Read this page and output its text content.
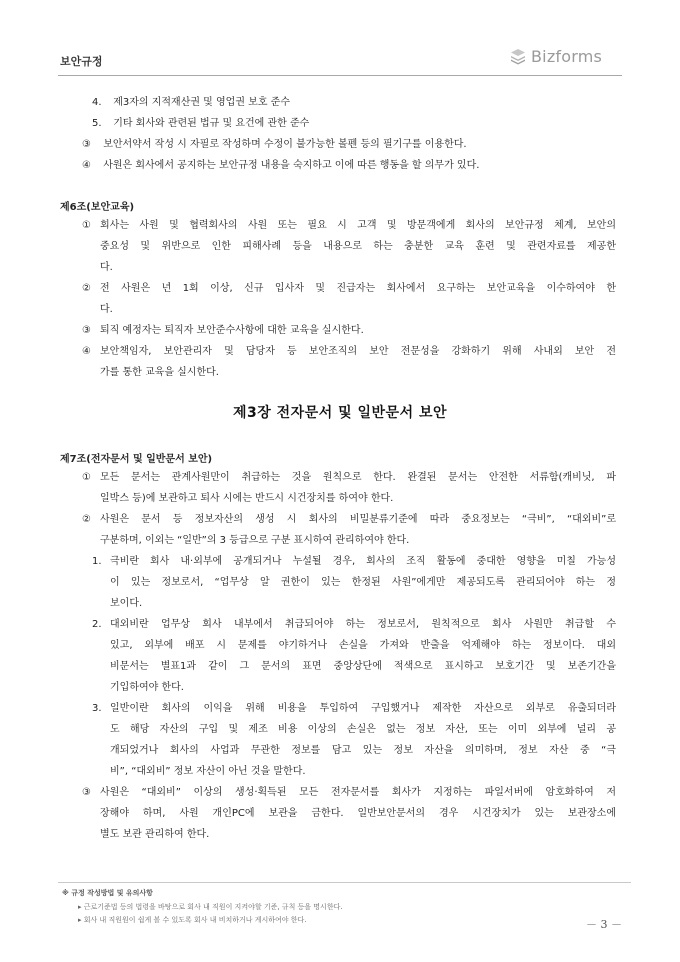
보안규정	Bizforms
4. 제3자의 지적재산권 및 영업권 보호 준수
5. 기타 회사와 관련된 법규 및 요건에 관한 준수
③ 보안서약서 작성 시 자필로 작성하며 수정이 불가능한 볼펜 등의 필기구를 이용한다.
④ 사원은 회사에서 공지하는 보안규정 내용을 숙지하고 이에 따른 행동을 할 의무가 있다.
제6조(보안교육)
① 회사는 사원 및 협력회사의 사원 또는 필요 시 고객 및 방문객에게 회사의 보안규정 체계, 보안의
중요성 및 위반으로 인한 피해사례 등을 내용으로 하는 충분한 교육 훈련 및 관련자료를 제공한
다.
② 전 사원은 년 1회 이상, 신규 입사자 및 진급자는 회사에서 요구하는 보안교육을 이수하여야 한
다.
③ 퇴직 예정자는 퇴직자 보안준수사항에 대한 교육을 실시한다.
④ 보안책임자, 보안관리자 및 담당자 등 보안조직의 보안 전문성을 강화하기 위해 사내외 보안 전
가를 통한 교육을 실시한다.
제3장 전자문서 및 일반문서 보안
제7조(전자문서 및 일반문서 보안)
① 모든 문서는 관계사원만이 취급하는 것을 원칙으로 한다. 완결된 문서는 안전한 서류함(캐비닛, 파
일박스 등)에 보관하고 퇴사 시에는 반드시 시건장치를 하여야 한다.
② 사원은 문서 등 정보자산의 생성 시 회사의 비밀분류기준에 따라 중요정보는 “극비”, “대외비”로
구분하며, 이외는 “일반”의 3 등급으로 구분 표시하여 관리하여야 한다.
1. 극비란 회사 내·외부에 공개되거나 누설될 경우, 회사의 조직 활동에 중대한 영향을 미칠 가능성
이 있는 정보로서, “업무상 알 권한이 있는 한정된 사원”에게만 제공되도록 관리되어야 하는 정
보이다.
2. 대외비란 업무상 회사 내부에서 취급되어야 하는 정보로서, 원칙적으로 회사 사원만 취급할 수
있고, 외부에 배포 시 문제를 야기하거나 손실을 가져와 반출을 억제해야 하는 정보이다. 대외
비문서는 별표1과 같이 그 문서의 표면 중앙상단에 적색으로 표시하고 보호기간 및 보존기간을
기입하여야 한다.
3. 일반이란 회사의 이익을 위해 비용을 투입하여 구입했거나 제작한 자산으로 외부로 유출되더라
도 해당 자산의 구입 및 제조 비용 이상의 손실은 없는 정보 자산, 또는 이미 외부에 널리 공
개되었거나 회사의 사업과 무관한 정보를 담고 있는 정보 자산을 의미하며, 정보 자산 중 “극
비”, “대외비” 정보 자산이 아닌 것을 말한다.
③ 사원은 “대외비” 이상의 생성·획득된 모든 전자문서를 회사가 지정하는 파일서버에 암호화하여 저
장해야 하며, 사원 개인PC에 보관을 금한다. 일반보안문서의 경우 시건장치가 있는 보관장소에
별도 보관 관리하여 한다.
※ 규정 작성방법 및 유의사항
▸ 근로기준법 등의 법령을 바탕으로 회사 내 직원이 지켜야할 기준, 규칙 등을 명시한다.
▸ 회사 내 직원원이 쉽게 볼 수 있도록 회사 내 비치하거나 게시하여야 한다.	－ 3 －
